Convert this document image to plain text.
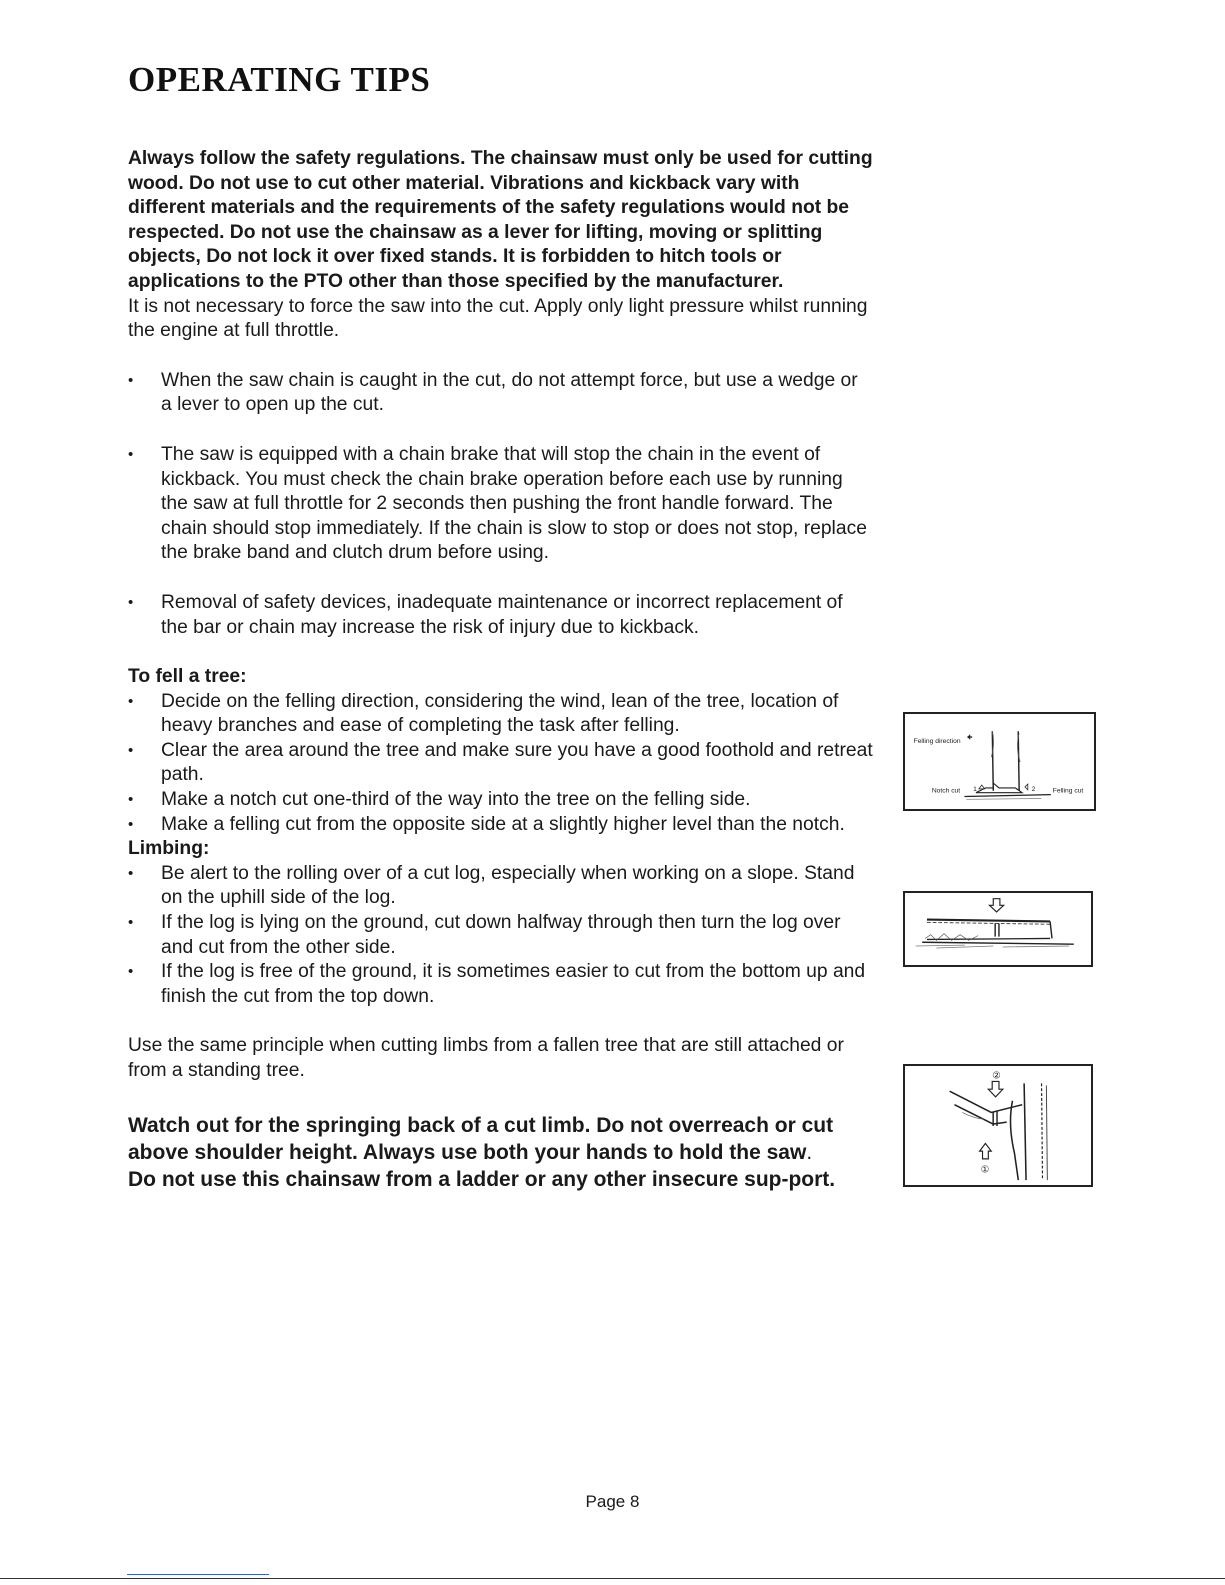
OPERATING TIPS

Always follow the safety regulations. The chainsaw must only be used for cutting wood. Do not use to cut other material. Vibrations and kickback vary with different materials and the requirements of the safety regulations would not be respected. Do not use the chainsaw as a lever for lifting, moving or splitting objects, Do not lock it over fixed stands. It is forbidden to hitch tools or applications to the PTO other than those specified by the manufacturer.

It is not necessary to force the saw into the cut. Apply only light pressure whilst running the engine at full throttle.

• When the saw chain is caught in the cut, do not attempt force, but use a wedge or a lever to open up the cut.
• The saw is equipped with a chain brake that will stop the chain in the event of kickback. You must check the chain brake operation before each use by running the saw at full throttle for 2 seconds then pushing the front handle forward. The chain should stop immediately. If the chain is slow to stop or does not stop, replace the brake band and clutch drum before using.
• Removal of safety devices, inadequate maintenance or incorrect replacement of the bar or chain may increase the risk of injury due to kickback.

To fell a tree:

• Decide on the felling direction, considering the wind, lean of the tree, location of heavy branches and ease of completing the task after felling.
• Clear the area around the tree and make sure you have a good foothold and retreat path.
• Make a notch cut one-third of the way into the tree on the felling side.
• Make a felling cut from the opposite side at a slightly higher level than the notch.

Limbing:

• Be alert to the rolling over of a cut log, especially when working on a slope. Stand on the uphill side of the log.
• If the log is lying on the ground, cut down halfway through then turn the log over and cut from the other side.
• If the log is free of the ground, it is sometimes easier to cut from the bottom up and finish the cut from the top down.

Use the same principle when cutting limbs from a fallen tree that are still attached or from a standing tree.

Watch out for the springing back of a cut limb. Do not overreach or cut above shoulder height. Always use both your hands to hold the saw.

Do not use this chainsaw from a ladder or any other insecure sup-port.

Felling direction
Notch cut 1	2 Felling cut
②
①
Page 8
